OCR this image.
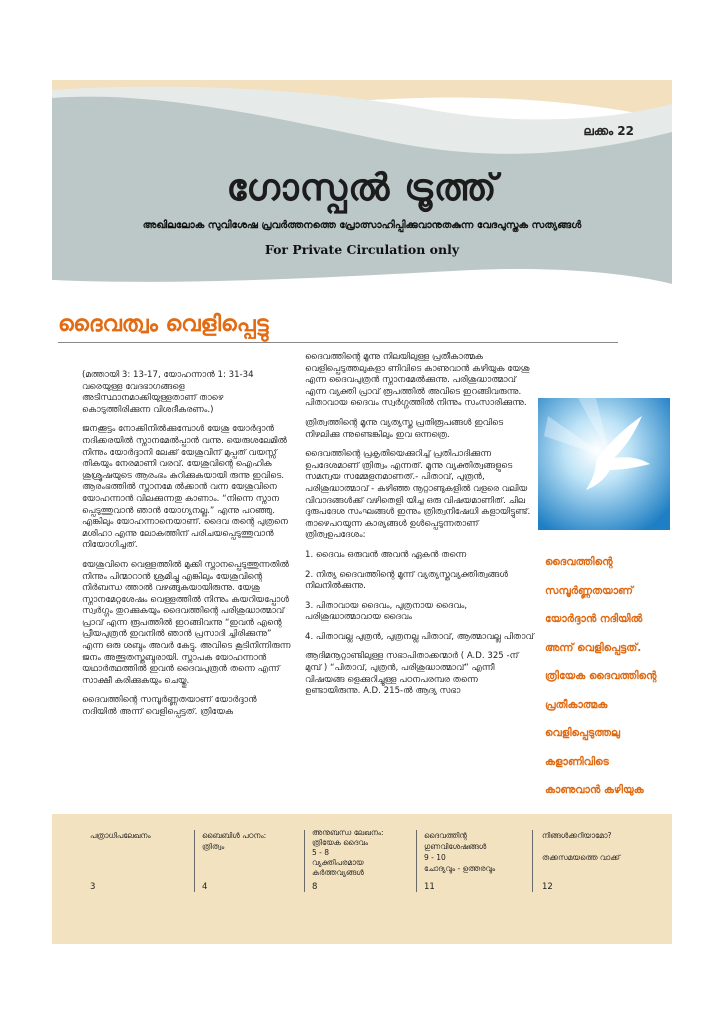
ലക്കം 22
ഗോസ്പൽ ട്രൂത്ത്
അഖിലലോക സുവിശേഷ പ്രവർത്തനത്തെ പ്രോത്സാഹിപ്പിക്കുവാനുതകുന്ന വേദപുസ്തക സത്യങ്ങൾ
For Private Circulation only
ദൈവത്വം വെളിപ്പെട്ടു

(മത്തായി 3: 13-17, യോഹന്നാൻ 1: 31-34 വരെയുള്ള വേദഭാഗങ്ങളെ അടിസ്ഥാനമാക്കിയുള്ളതാണ് താഴെ കൊടുത്തിരിക്കുന്ന വിശദീകരണം.)

ജനക്കൂട്ടം നോക്കിനിൽക്കുമ്പോൾ യേശു യോർദ്ദാൻ നദിക്കരയിൽ സ്നാനമേൽപ്പാൻ വന്നു. യെരുശലേമിൽ നിന്നും യോർദ്ദാനി ലേക്ക് യേശുവിന് മുപ്പത് വയസ്സ് തികയും നേരമാണി വരവ്. യേശുവിന്റെ ഐഹിക ശുശ്രൂഷയുടെ ആരംഭം കുറിക്കുകയായി രുന്നു ഇവിടെ. ആരംഭത്തിൽ സ്നാനമേ ൽക്കാൻ വന്ന യേശുവിനെ യോഹന്നാൻ വിലക്കുന്നതു കാണാം. “നിന്നെ സ്നാന പ്പെടുത്തുവാൻ ഞാൻ യോഗ്യനല്ല.” എന്നു പറഞ്ഞു. എങ്കിലും യോഹന്നാനെയാണ്. ദൈവ തന്റെ പുത്രനെ മശിഹാ എന്നു ലോകത്തിന് പരിചയപ്പെടുത്തുവാൻ നിയോഗിച്ചത്.

യേശുവിനെ വെള്ളത്തിൽ മുക്കി സ്നാനപ്പെടുത്തുന്നതിൽ നിന്നും പിന്മാറാൻ ശ്രമിച്ചു എങ്കിലും യേശുവിന്റെ നിർബന്ധ ത്താൽ വഴങ്ങുകയായിരുന്നു. യേശു സ്നാനമേറ്റശേഷം വെള്ളത്തിൽ നിന്നും കയറിയപ്പോൾ സ്വർഗ്ഗം തുറക്കുകയും ദൈവത്തിന്റെ പരിശുദ്ധാത്മാവ് പ്രാവ് എന്ന രൂപത്തിൽ ഇറങ്ങിവന്നു “ഇവൻ എന്റെ പ്രീയപുത്രൻ ഇവനിൽ ഞാൻ പ്രസാദി ച്ചിരിക്കുന്നു” എന്ന ഒരു ശബ്ദം അവർ കേട്ടു. അവിടെ കൂടിനിന്നിരുന്ന ജനം അത്ഭുതസ്തബ്ദരായി. സ്നാപക യോഹന്നാൻ യഥാർത്ഥത്തിൽ ഇവൻ ദൈവപുത്രൻ തന്നെ എന്ന് സാക്ഷീ കരിക്കുകയും ചെയ്തു.

ദൈവത്തിന്റെ സമ്പൂർണ്ണതയാണ് യോർദ്ദാൻ നദിയിൽ അന്ന് വെളിപ്പെട്ടത്. ത്രിയേക

ദൈവത്തിന്റെ മൂന്നു നിലയിലുള്ള പ്രതീകാത്മക വെളിപ്പെടുത്തലുകളാ ണിവിടെ കാണുവാൻ കഴിയുക യേശു എന്ന ദൈവപുത്രൻ സ്നാനമേൽക്കുന്നു. പരിശുദ്ധാത്മാവ് എന്ന വ്യക്തി പ്രാവ് രൂപത്തിൽ അവിടെ ഇറങ്ങിവരുന്നു. പിതാവായ ദൈവം സ്വർഗ്ഗത്തിൽ നിന്നും സംസാരിക്കുന്നു.

ത്രിത്വത്തിന്റെ മൂന്നു വ്യത്യസ്ത പ്രതിരൂപങ്ങൾ ഇവിടെ നിഴലിക്കു ന്നുണ്ടെങ്കിലും ഇവ ഒന്നത്രെ.

ദൈവത്തിന്റെ പ്രകൃതിയെക്കുറിച്ച് പ്രതിപാദിക്കുന്ന ഉപദേശമാണ് ത്രിത്വം എന്നത്. മൂന്നു വ്യക്തിത്വങ്ങളുടെ സമന്വയ സമ്മേളനമാണത്.- പിതാവ്, പുത്രൻ, പരിശുദ്ധാത്മാവ് - കഴിഞ്ഞ നൂറ്റാണ്ടുകളിൽ വളരെ വലിയ വിവാദങ്ങൾക്ക് വഴിതെളി യിച്ച ഒരു വിഷയമാണിത്. ചില ദുരുപദേശ സംഘങ്ങൾ ഇന്നും ത്രിത്വനിഷേധി കളായിട്ടുണ്ട്. താഴെപറയുന്ന കാര്യങ്ങൾ ഉൾപ്പെടുന്നതാണ് ത്രിത്വഉപദേശം:

1. ദൈവം ഒരുവൻ അവൻ ഏകൻ തന്നെ

2. നിത്യ ദൈവത്തിന്റെ മൂന്ന് വ്യത്യസ്തവ്യക്തിത്വങ്ങൾ നിലനിൽക്കുന്നു.

3. പിതാവായ ദൈവം, പുത്രനായ ദൈവം, പരിശുദ്ധാത്മാവായ ദൈവം

4. പിതാവല്ല പുത്രൻ, പുത്രനല്ല പിതാവ്, ആത്മാവല്ല പിതാവ്

ആദിമനൂറ്റാണ്ടിലുള്ള സഭാപിതാക്കന്മാർ ( A.D. 325 -ന് മുമ്പ് ) “പിതാവ്, പുത്രൻ, പരിശുദ്ധാത്മാവ്” എന്നീ വിഷയങ്ങ ളെക്കുറിച്ചുള്ള പഠനപരമ്പര തന്നെ ഉണ്ടായിരുന്നു. A.D. 215-ൽ ആദ്യ സഭാ

ദൈവത്തിന്റെ
സമ്പൂർണ്ണതയാണ്
യോർദ്ദാൻ നദിയിൽ
അന്ന് വെളിപ്പെട്ടത്.
ത്രിയേക ദൈവത്തിന്റെ
പ്രതീകാത്മക
വെളിപ്പെടുത്തലു
കളാണിവിടെ
കാണുവാൻ കഴിയുക
പത്രാധിപലേഖനം
3
ബൈബിൾ പഠനം:
ത്രിത്വം
4
അനുബന്ധ ലേഖനം:
ത്രിയേക ദൈവം
5 - 8
വ്യക്തിപരമായ
കർത്തവ്യങ്ങൾ
8
ദൈവത്തിന്റ
ഗുണവിശേഷങ്ങൾ
9 - 10
ചോദ്യവും - ഉത്തരവും
11
നിങ്ങൾക്കറിയാമോ?
തക്കസമയത്തെ വാക്ക്
12
